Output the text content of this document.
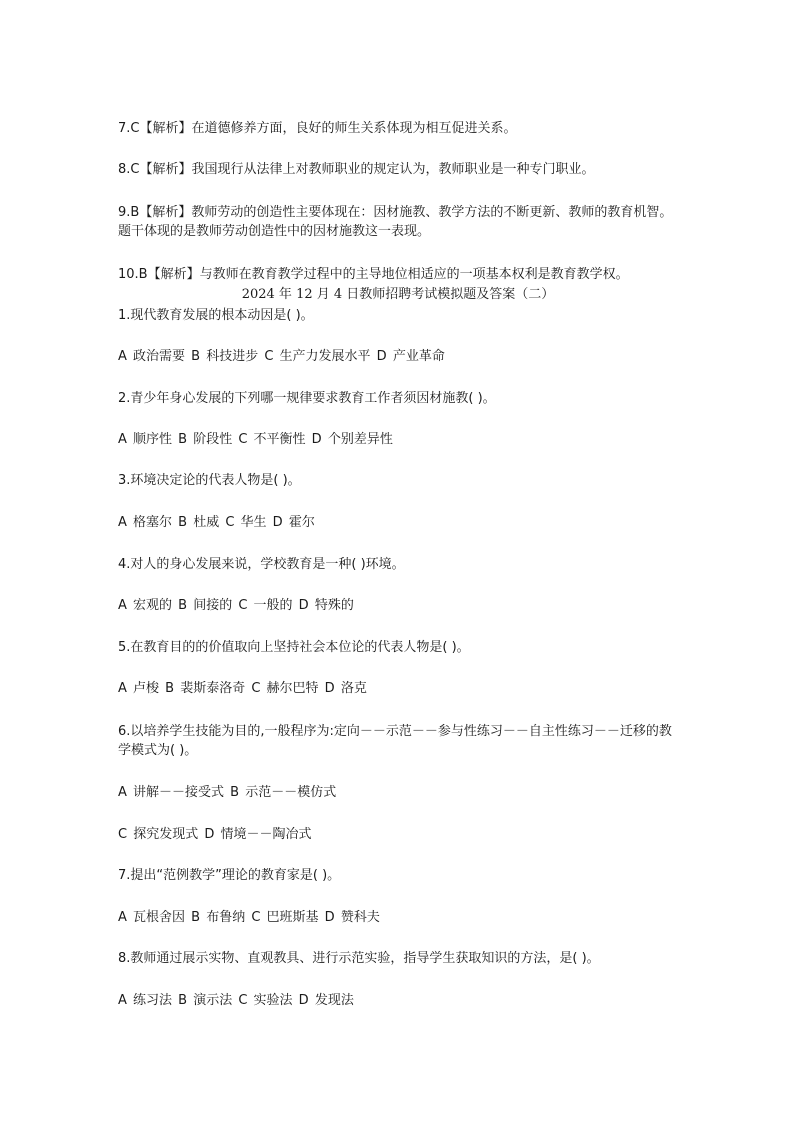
7.C【解析】在道德修养方面，良好的师生关系体现为相互促进关系。
8.C【解析】我国现行从法律上对教师职业的规定认为，教师职业是一种专门职业。
9.B【解析】教师劳动的创造性主要体现在：因材施教、教学方法的不断更新、教师的教育机智。题干体现的是教师劳动创造性中的因材施教这一表现。
10.B【解析】与教师在教育教学过程中的主导地位相适应的一项基本权利是教育教学权。
2024 年 12 月 4 日教师招聘考试模拟题及答案（二）
1.现代教育发展的根本动因是( )。
A 政治需要 B 科技进步 C 生产力发展水平 D 产业革命
2.青少年身心发展的下列哪一规律要求教育工作者须因材施教( )。
A 顺序性 B 阶段性 C 不平衡性 D 个别差异性
3.环境决定论的代表人物是( )。
A 格塞尔 B 杜威 C 华生 D 霍尔
4.对人的身心发展来说，学校教育是一种( )环境。
A 宏观的 B 间接的 C 一般的 D 特殊的
5.在教育目的的价值取向上坚持社会本位论的代表人物是( )。
A 卢梭 B 裴斯泰洛奇 C 赫尔巴特 D 洛克
6.以培养学生技能为目的,一般程序为:定向－－示范－－参与性练习－－自主性练习－－迁移的教学模式为( )。
A 讲解－－接受式 B 示范－－模仿式
C 探究发现式 D 情境－－陶冶式
7.提出“范例教学”理论的教育家是( )。
A 瓦根舍因 B 布鲁纳 C 巴班斯基 D 赞科夫
8.教师通过展示实物、直观教具、进行示范实验，指导学生获取知识的方法，是( )。
A 练习法 B 演示法 C 实验法 D 发现法
